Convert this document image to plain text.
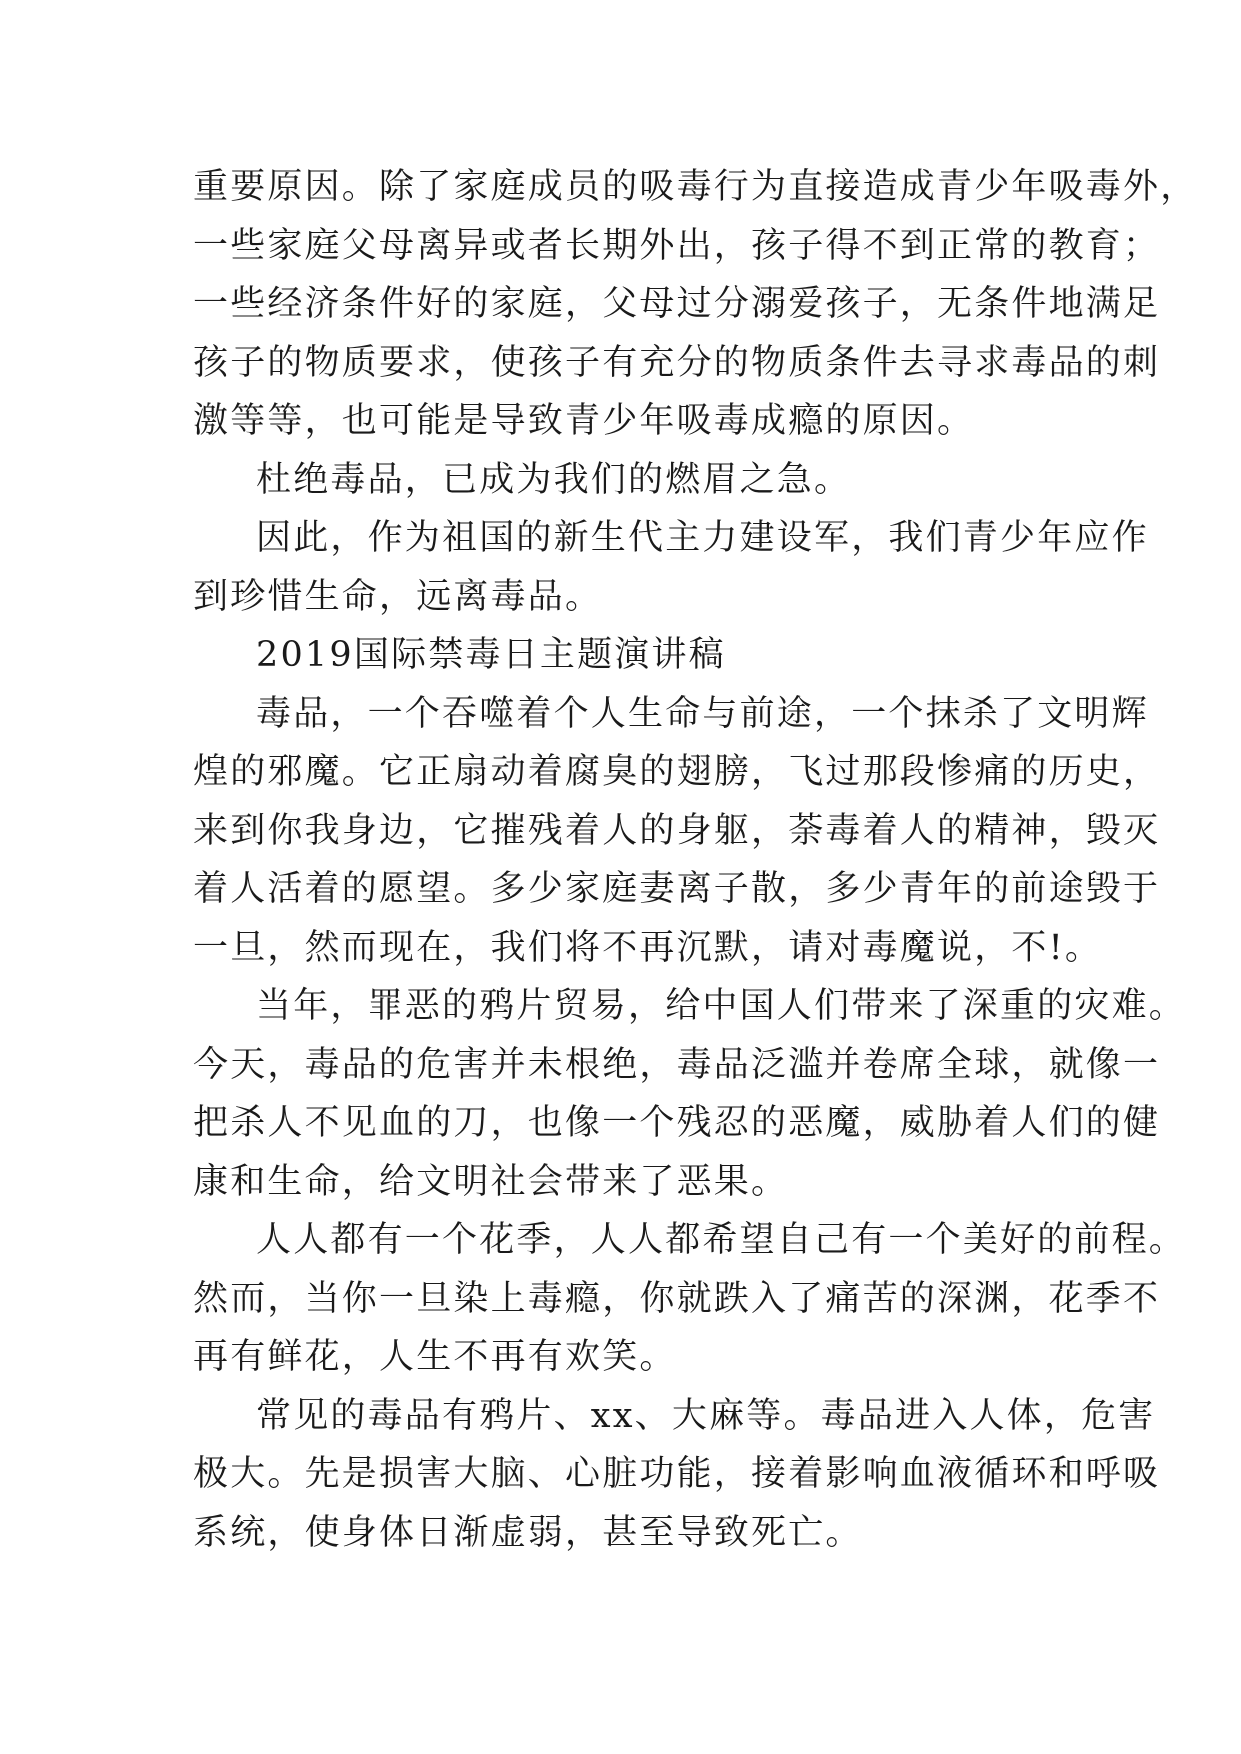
重要原因。除了家庭成员的吸毒行为直接造成青少年吸毒外，
一些家庭父母离异或者长期外出，孩子得不到正常的教育；
一些经济条件好的家庭，父母过分溺爱孩子，无条件地满足
孩子的物质要求，使孩子有充分的物质条件去寻求毒品的刺
激等等，也可能是导致青少年吸毒成瘾的原因。
杜绝毒品，已成为我们的燃眉之急。
因此，作为祖国的新生代主力建设军，我们青少年应作
到珍惜生命，远离毒品。
2019国际禁毒日主题演讲稿
毒品，一个吞噬着个人生命与前途，一个抹杀了文明辉
煌的邪魔。它正扇动着腐臭的翅膀，飞过那段惨痛的历史，
来到你我身边，它摧残着人的身躯，荼毒着人的精神，毁灭
着人活着的愿望。多少家庭妻离子散，多少青年的前途毁于
一旦，然而现在，我们将不再沉默，请对毒魔说，不!。
当年，罪恶的鸦片贸易，给中国人们带来了深重的灾难。
今天，毒品的危害并未根绝，毒品泛滥并卷席全球，就像一
把杀人不见血的刀，也像一个残忍的恶魔，威胁着人们的健
康和生命，给文明社会带来了恶果。
人人都有一个花季，人人都希望自己有一个美好的前程。
然而，当你一旦染上毒瘾，你就跌入了痛苦的深渊，花季不
再有鲜花，人生不再有欢笑。
常见的毒品有鸦片、xx、大麻等。毒品进入人体，危害
极大。先是损害大脑、心脏功能，接着影响血液循环和呼吸
系统，使身体日渐虚弱，甚至导致死亡。
